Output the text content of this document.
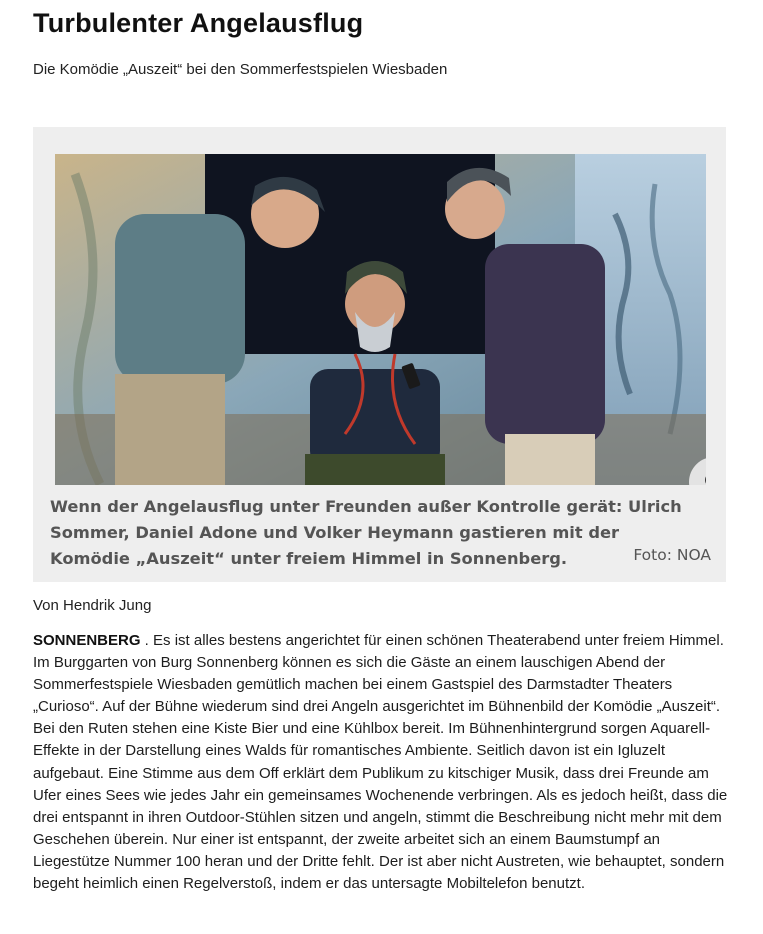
Turbulenter Angelausflug

Die Komödie „Auszeit“ bei den Sommerfestspielen Wiesbaden

Wenn der Angelausflug unter Freunden außer Kontrolle gerät: Ulrich Sommer, Daniel Adone und Volker Heymann gastieren mit der Komödie „Auszeit“ unter freiem Himmel in Sonnenberg.	Foto: NOA
Von Hendrik Jung

SONNENBERG . Es ist alles bestens angerichtet für einen schönen Theaterabend unter freiem Himmel. Im Burggarten von Burg Sonnenberg können es sich die Gäste an einem lauschigen Abend der Sommerfestspiele Wiesbaden gemütlich machen bei einem Gastspiel des Darmstadter Theaters „Curioso“. Auf der Bühne wiederum sind drei Angeln ausgerichtet im Bühnenbild der Komödie „Auszeit“. Bei den Ruten stehen eine Kiste Bier und eine Kühlbox bereit. Im Bühnenhintergrund sorgen Aquarell-Effekte in der Darstellung eines Walds für romantisches Ambiente. Seitlich davon ist ein Igluzelt aufgebaut. Eine Stimme aus dem Off erklärt dem Publikum zu kitschiger Musik, dass drei Freunde am Ufer eines Sees wie jedes Jahr ein gemeinsames Wochenende verbringen. Als es jedoch heißt, dass die drei entspannt in ihren Outdoor-Stühlen sitzen und angeln, stimmt die Beschreibung nicht mehr mit dem Geschehen überein. Nur einer ist entspannt, der zweite arbeitet sich an einem Baumstumpf an Liegestütze Nummer 100 heran und der Dritte fehlt. Der ist aber nicht Austreten, wie behauptet, sondern begeht heimlich einen Regelverstoß, indem er das untersagte Mobiltelefon benutzt.
